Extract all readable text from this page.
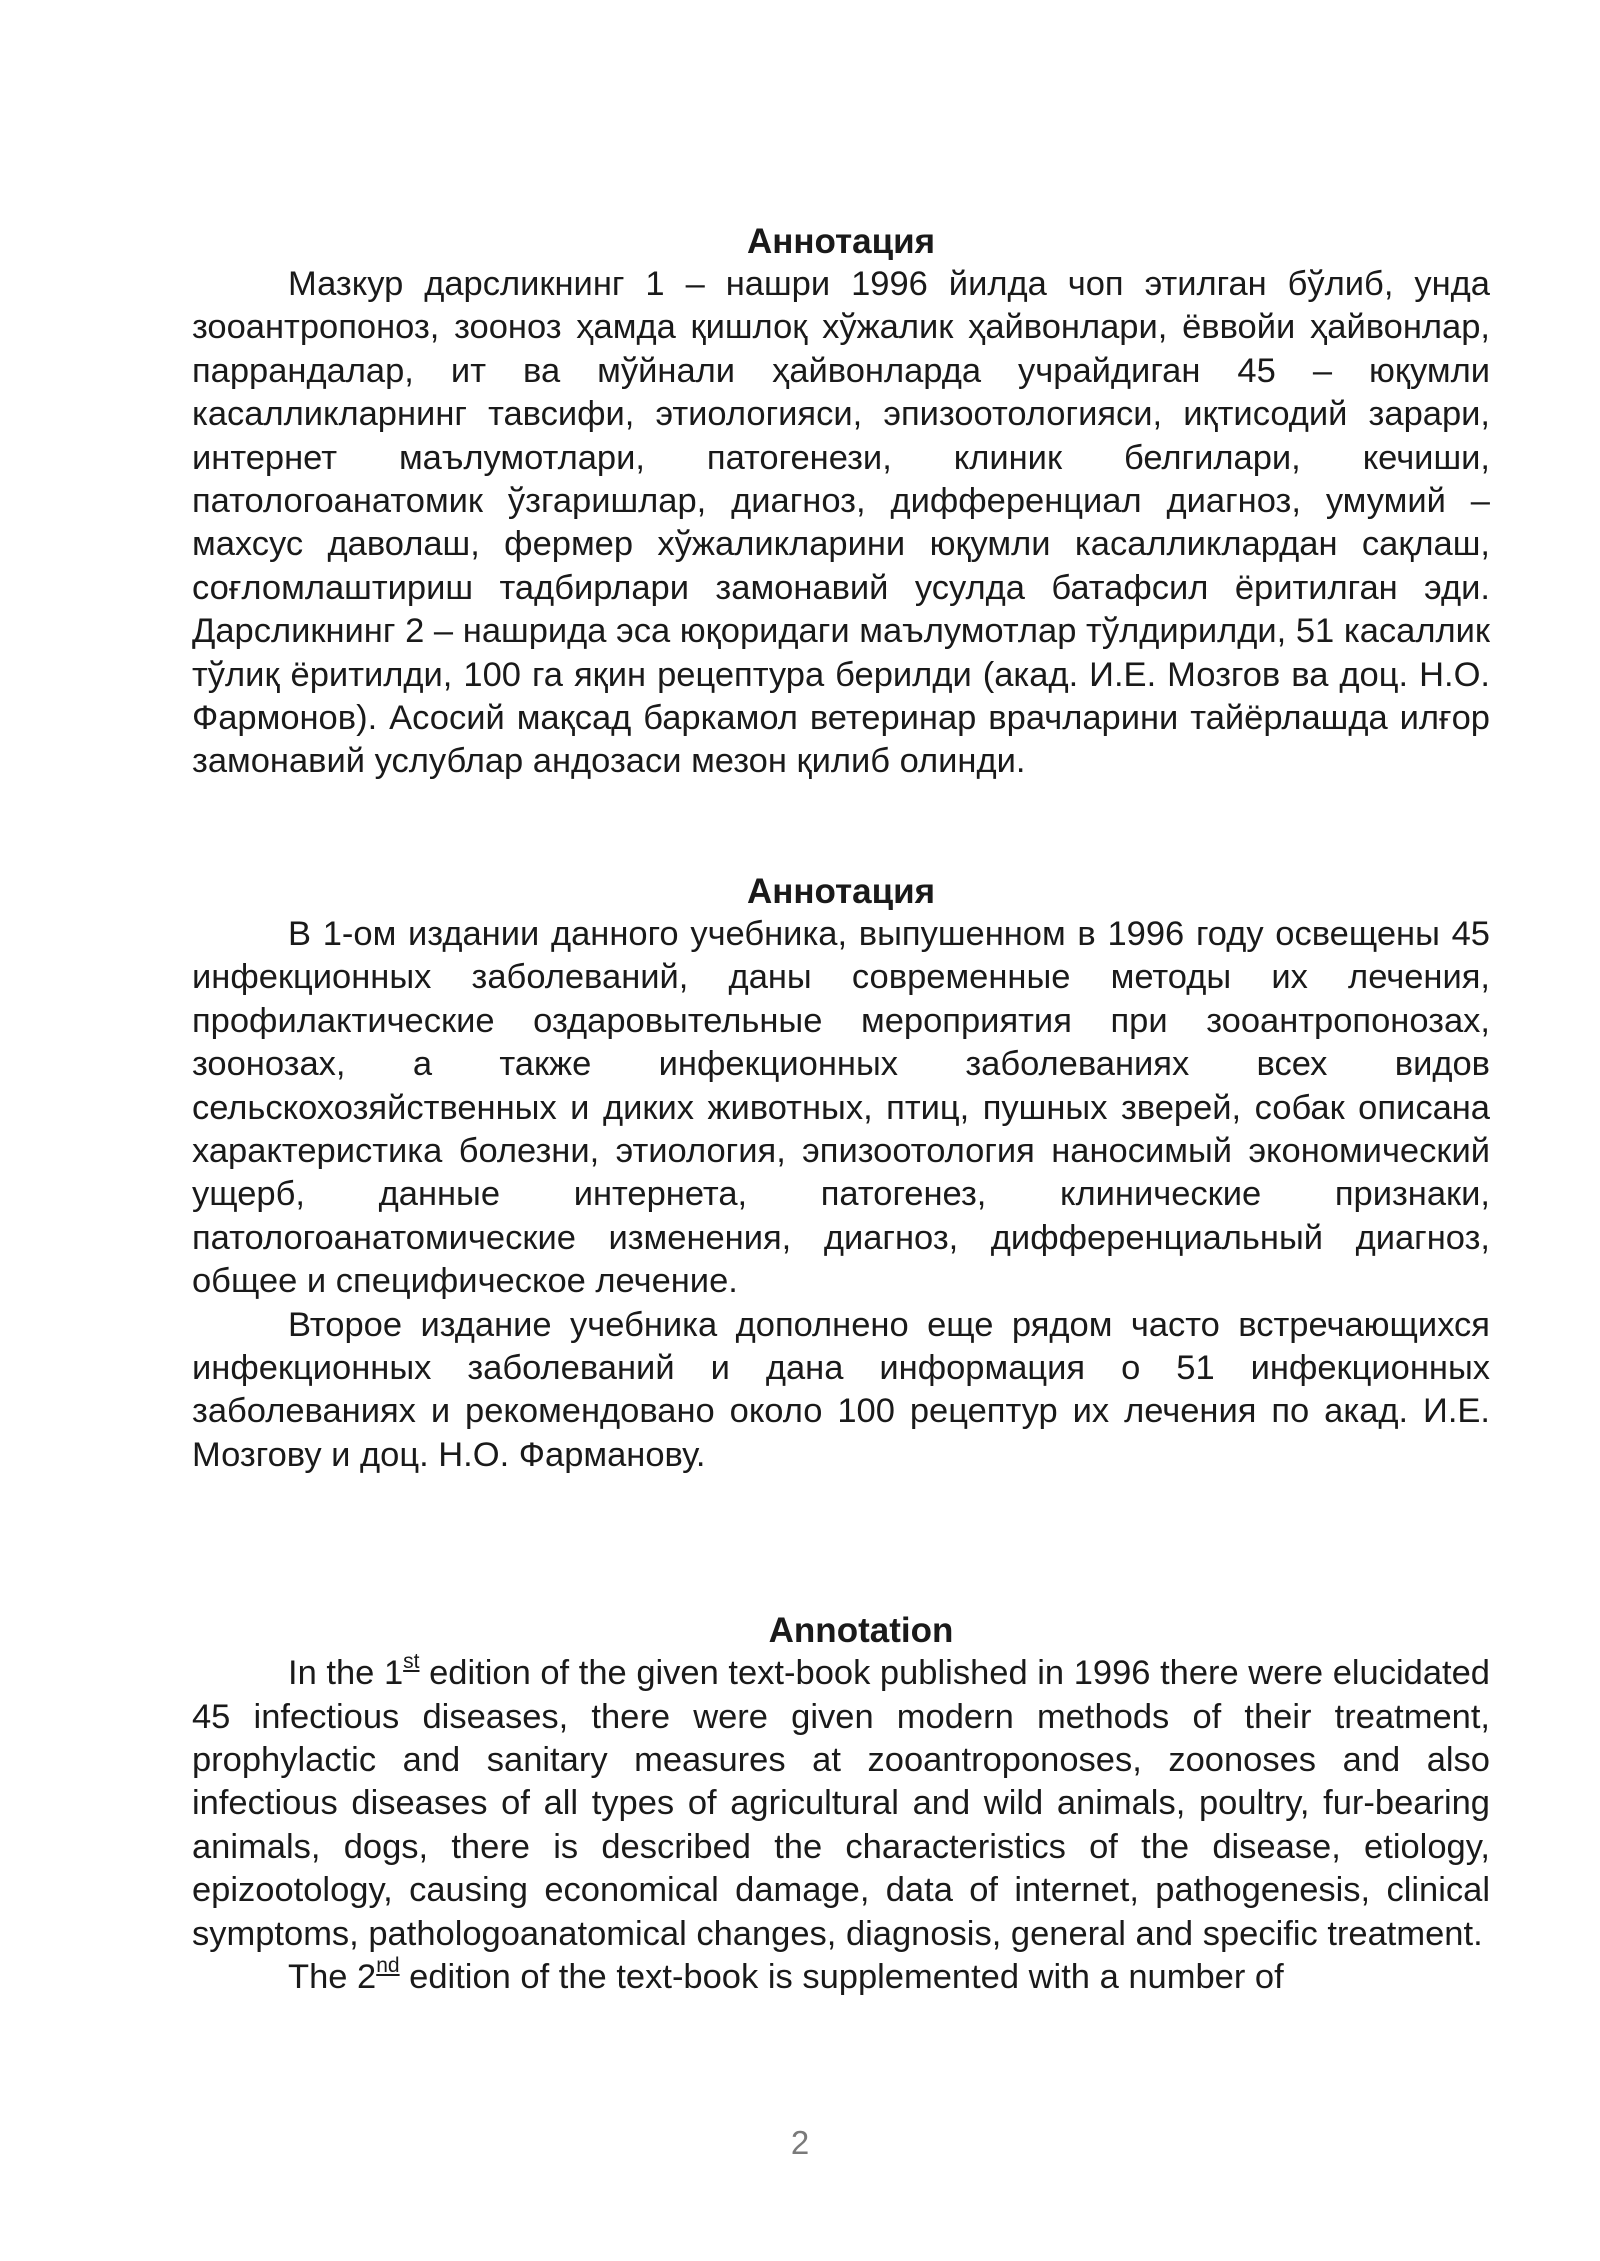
Аннотация

Мазкур дарсликнинг 1 – нашри 1996 йилда чоп этилган бўлиб, унда зооантропоноз, зооноз ҳамда қишлоқ хўжалик ҳайвонлари, ёввойи ҳайвонлар, паррандалар, ит ва мўйнали ҳайвонларда учрайдиган 45 – юқумли касалликларнинг тавсифи, этиологияси, эпизоотологияси, иқтисодий зарари, интернет маълумотлари, патогенези, клиник белгилари, кечиши, патологоанатомик ўзгаришлар, диагноз, дифференциал диагноз, умумий – махсус даволаш, фермер хўжаликларини юқумли касалликлардан сақлаш, соғломлаштириш тадбирлари замонавий усулда батафсил ёритилган эди. Дарсликнинг 2 – нашрида эса юқоридаги маълумотлар тўлдирилди, 51 касаллик тўлиқ ёритилди, 100 га яқин рецептура берилди (акад. И.Е. Мозгов ва доц. Н.О. Фармонов). Асосий мақсад баркамол ветеринар врачларини тайёрлашда илғор замонавий услублар андозаси мезон қилиб олинди.

Аннотация

В 1-ом издании данного учебника, выпушенном в 1996 году освещены 45 инфекционных заболеваний, даны современные методы их лечения, профилактические оздаровытельные мероприятия при зооантропонозах, зоонозах, а также инфекционных заболеваниях всех видов сельскохозяйственных и диких животных, птиц, пушных зверей, собак описана характеристика болезни, этиология, эпизоотология наносимый экономический ущерб, данные интернета, патогенез, клинические признаки, патологоанатомические изменения, диагноз, дифференциальный диагноз, общее и специфическое лечение.

Второе издание учебника дополнено еще рядом часто встречающихся инфекционных заболеваний и дана информация о 51 инфекционных заболеваниях и рекомендовано около 100 рецептур их лечения по акад. И.Е. Мозгову и доц. Н.О. Фарманову.

Annotation

In the 1st edition of the given text-book published in 1996 there were elucidated 45 infectious diseases, there were given modern methods of their treatment, prophylactic and sanitary measures at zooantroponoses, zoonoses and also infectious diseases of all types of agricultural and wild animals, poultry, fur-bearing animals, dogs, there is described the characteristics of the disease, etiology, epizootology, causing economical damage, data of internet, pathogenesis, clinical symptoms, pathologoanatomical changes, diagnosis, general and specific treatment.

The 2nd edition of the text-book is supplemented with a number of

2
